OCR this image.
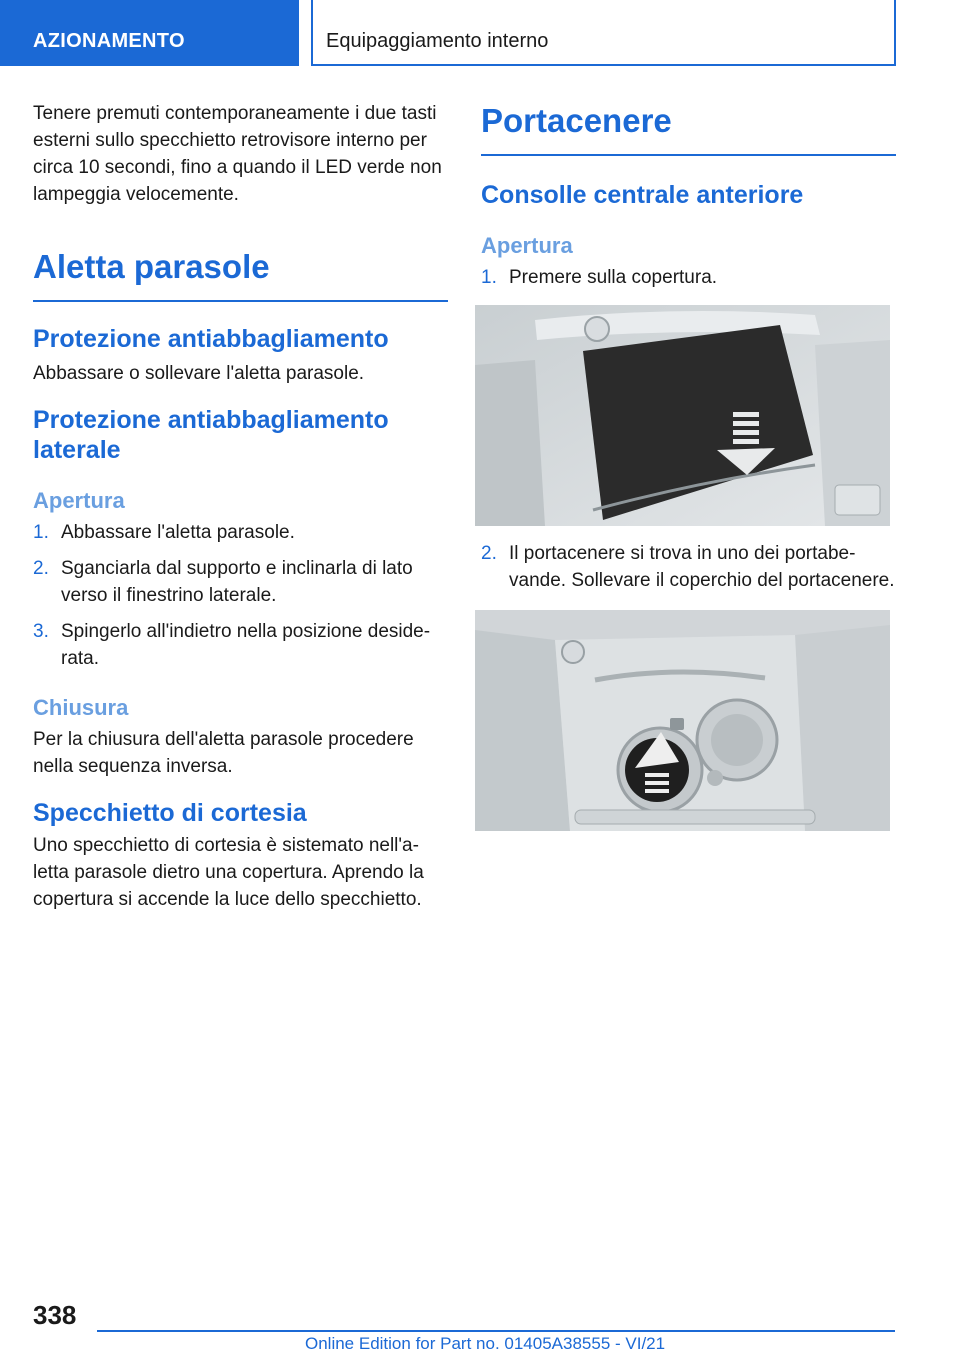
AZIONAMENTO	Equipaggiamento interno

Tenere premuti contemporaneamente i due tasti esterni sullo specchietto retrovisore interno per circa 10 secondi, fino a quando il LED verde non lampeggia velocemente.

Aletta parasole
Protezione antiabbagliamento

Abbassare o sollevare l'aletta parasole.

Protezione antiabbagliamento laterale
Apertura
1. Abbassare l'aletta parasole.
2. Sganciarla dal supporto e inclinarla di lato verso il finestrino laterale.
3. Spingerlo all'indietro nella posizione desiderata.
Chiusura

Per la chiusura dell'aletta parasole procedere nella sequenza inversa.

Specchietto di cortesia

Uno specchietto di cortesia è sistemato nell'aletta parasole dietro una copertura. Aprendo la copertura si accende la luce dello specchietto.

Portacenere
Consolle centrale anteriore
Apertura
1. Premere sulla copertura.
2. Il portacenere si trova in uno dei portabevande. Sollevare il coperchio del portacenere.
338
Online Edition for Part no. 01405A38555 - VI/21
